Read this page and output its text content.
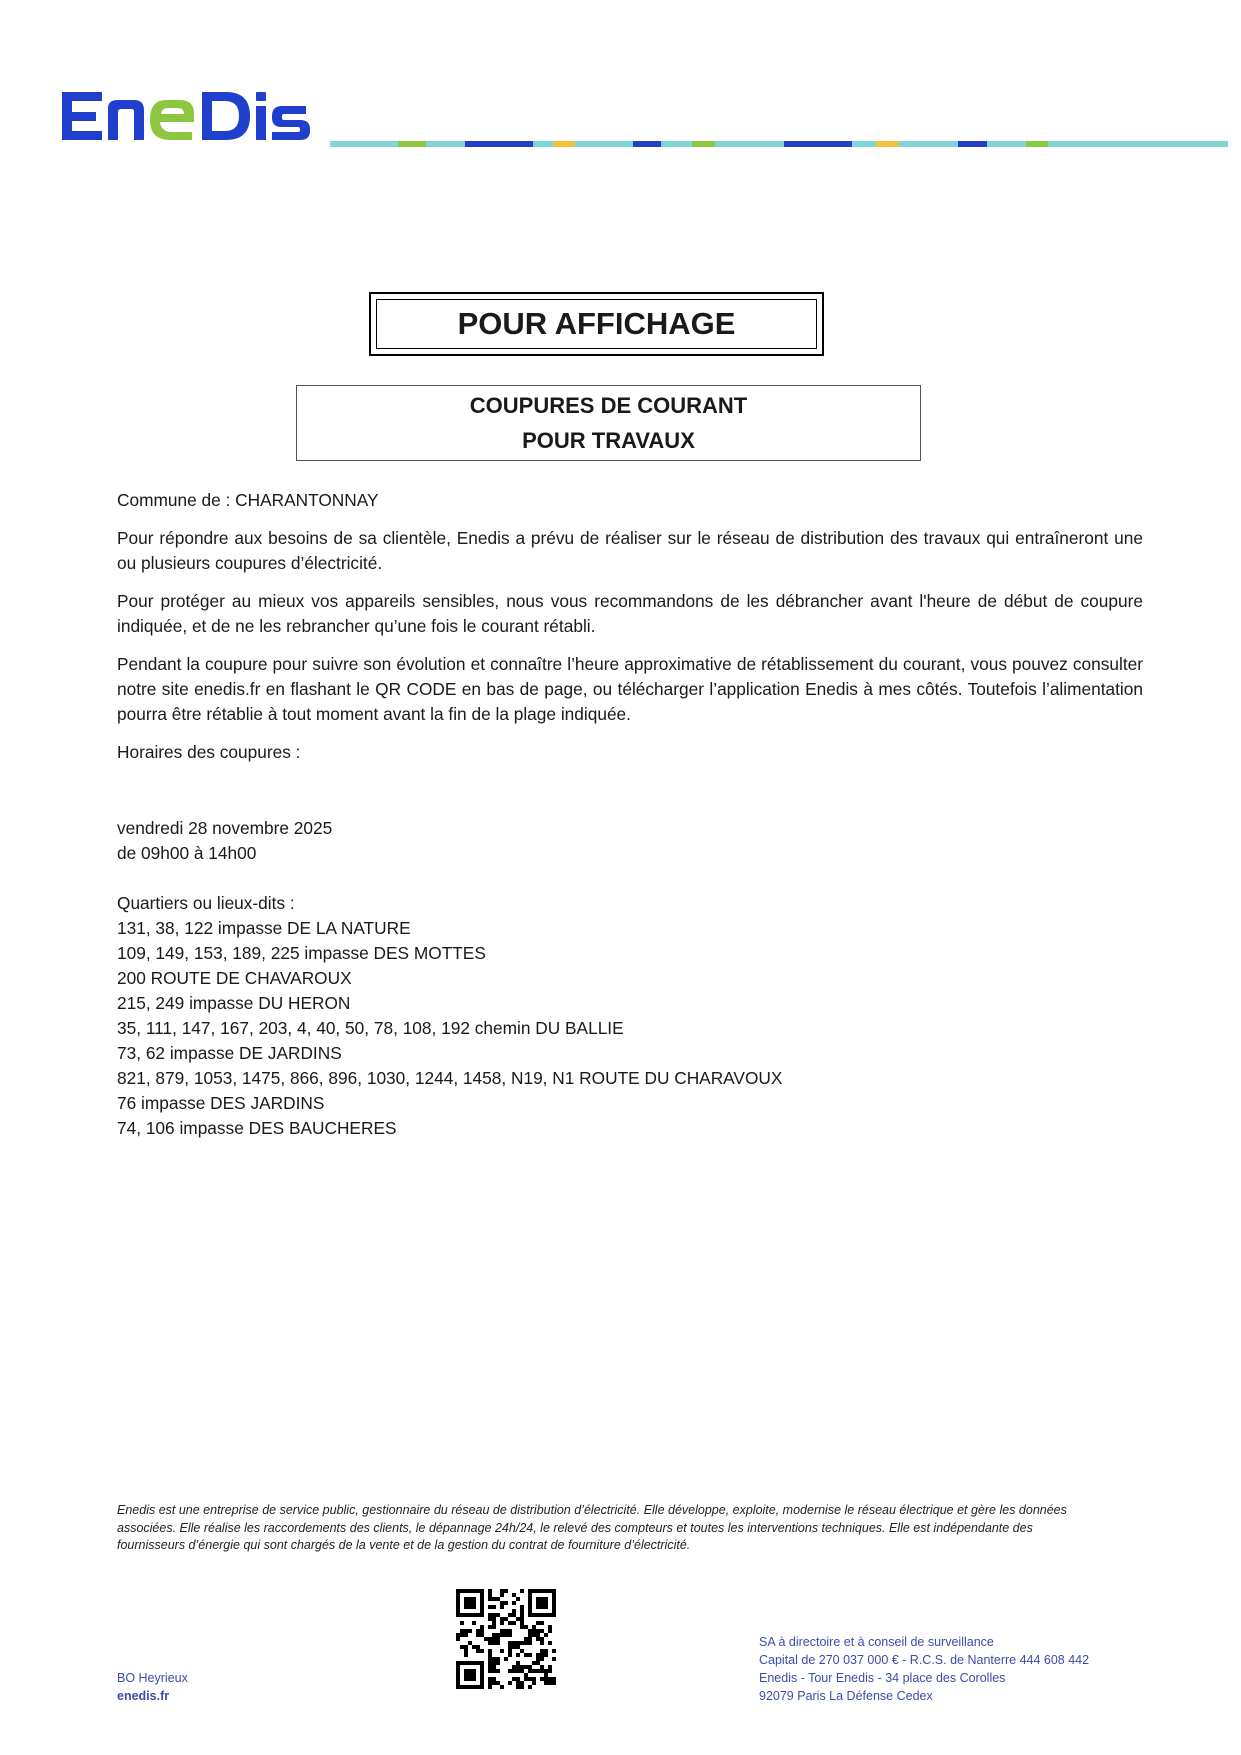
POUR AFFICHAGE
COUPURES DE COURANT
POUR TRAVAUX
Commune de : CHARANTONNAY
Pour répondre aux besoins de sa clientèle, Enedis a prévu de réaliser sur le réseau de distribution des travaux qui entraîneront une ou plusieurs coupures d’électricité.
Pour protéger au mieux vos appareils sensibles, nous vous recommandons de les débrancher avant l'heure de début de coupure indiquée, et de ne les rebrancher qu’une fois le courant rétabli.
Pendant la coupure pour suivre son évolution et connaître l’heure approximative de rétablissement du courant, vous pouvez consulter notre site enedis.fr en flashant le QR CODE en bas de page, ou télécharger l’application Enedis à mes côtés. Toutefois l’alimentation pourra être rétablie à tout moment avant la fin de la plage indiquée.
Horaires des coupures :
vendredi 28 novembre 2025
de 09h00 à 14h00
Quartiers ou lieux-dits :
131, 38, 122 impasse DE LA NATURE
109, 149, 153, 189, 225 impasse DES MOTTES
200 ROUTE DE CHAVAROUX
215, 249 impasse DU HERON
35, 111, 147, 167, 203, 4, 40, 50, 78, 108, 192 chemin DU BALLIE
73, 62 impasse DE JARDINS
821, 879, 1053, 1475, 866, 896, 1030, 1244, 1458, N19, N1 ROUTE DU CHARAVOUX
76 impasse DES JARDINS
74, 106 impasse DES BAUCHERES
Enedis est une entreprise de service public, gestionnaire du réseau de distribution d’électricité. Elle développe, exploite, modernise le réseau électrique et gère les données
associées. Elle réalise les raccordements des clients, le dépannage 24h/24, le relevé des compteurs et toutes les interventions techniques. Elle est indépendante des
fournisseurs d’énergie qui sont chargés de la vente et de la gestion du contrat de fourniture d’électricité.
BO Heyrieux
enedis.fr
SA à directoire et à conseil de surveillance
Capital de 270 037 000 € - R.C.S. de Nanterre 444 608 442
Enedis - Tour Enedis - 34 place des Corolles
92079 Paris La Défense Cedex
